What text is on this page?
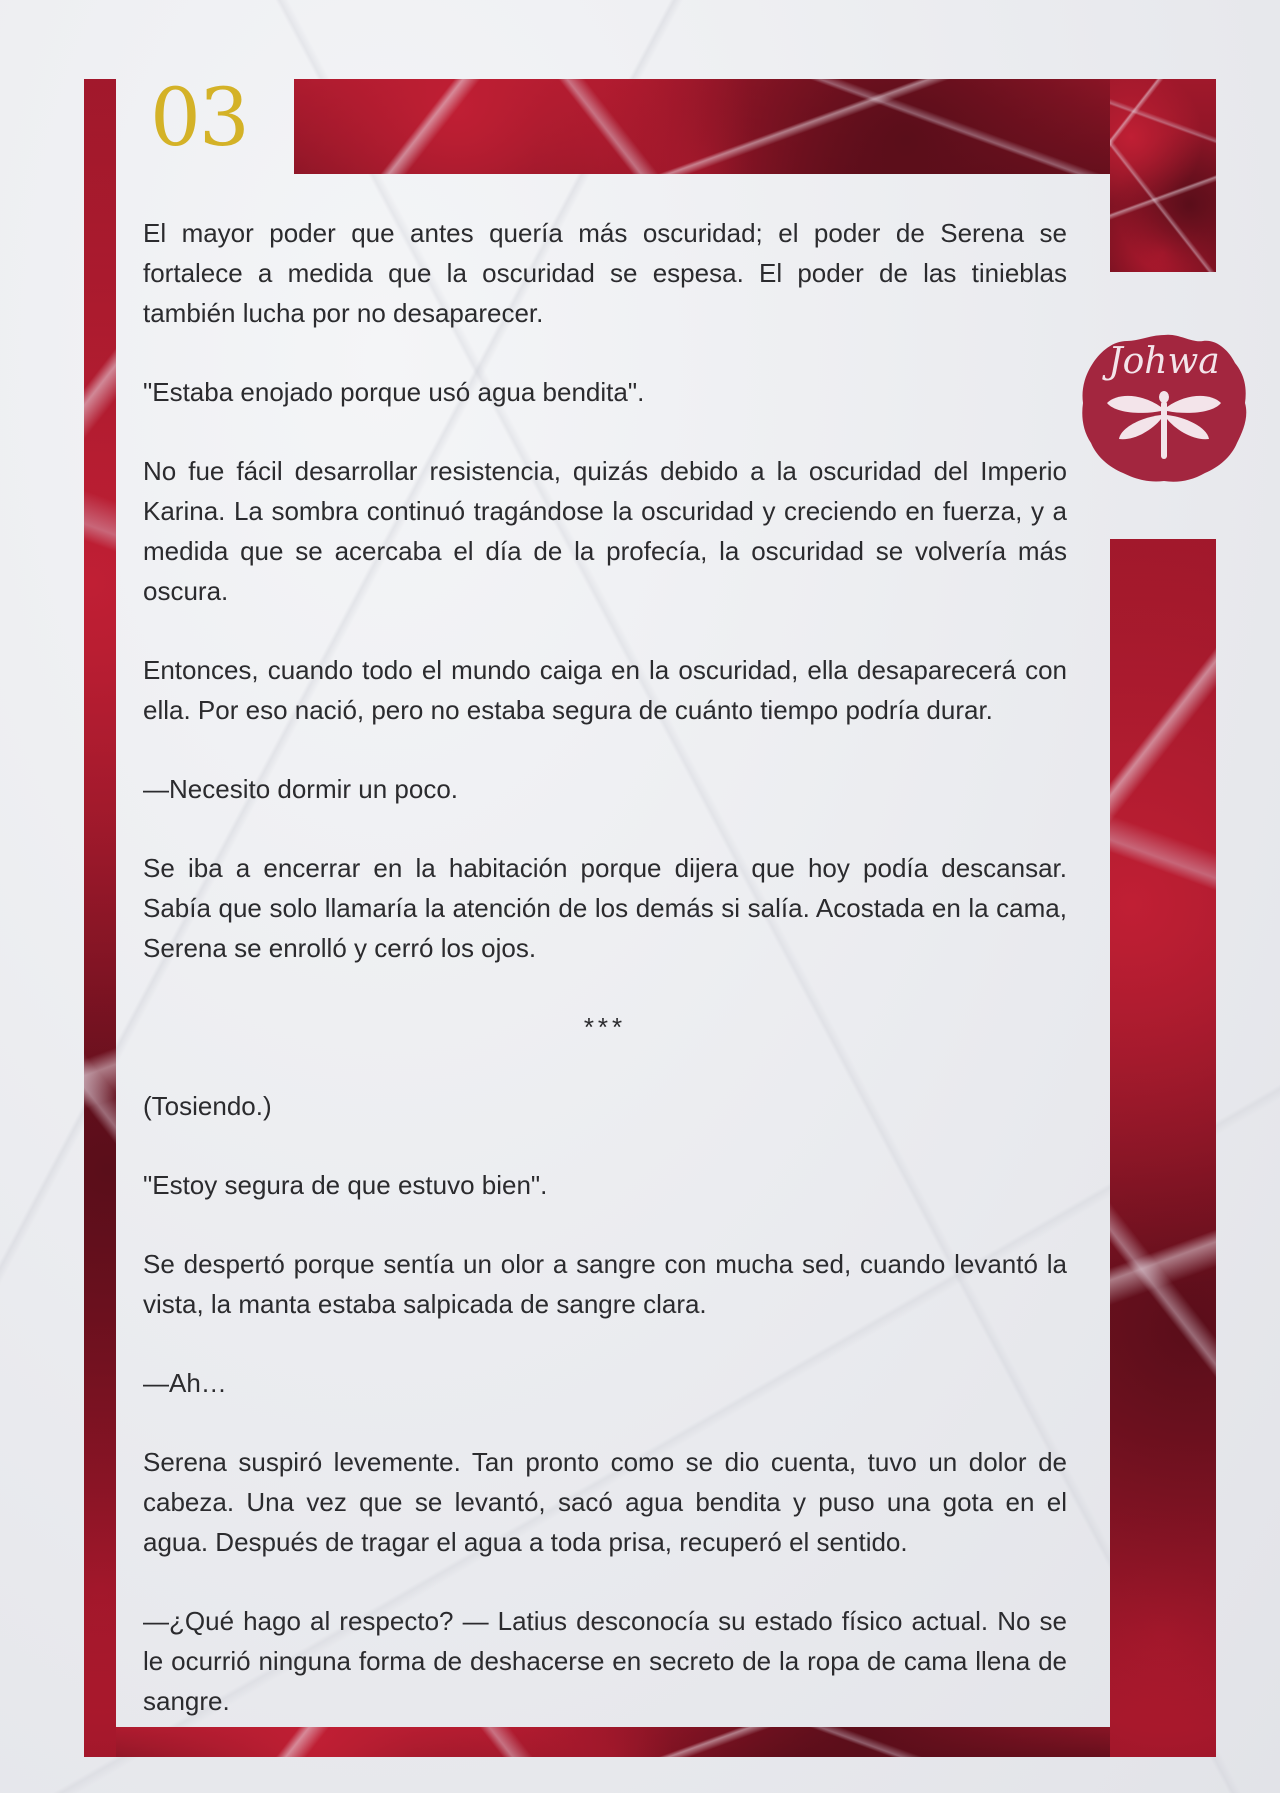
03
Johwa

El mayor poder que antes quería más oscuridad; el poder de Serena se fortalece a medida que la oscuridad se espesa. El poder de las tinieblas también lucha por no desaparecer.

"Estaba enojado porque usó agua bendita".

No fue fácil desarrollar resistencia, quizás debido a la oscuridad del Imperio Karina. La sombra continuó tragándose la oscuridad y creciendo en fuerza, y a medida que se acercaba el día de la profecía, la oscuridad se volvería más oscura.

Entonces, cuando todo el mundo caiga en la oscuridad, ella desaparecerá con ella. Por eso nació, pero no estaba segura de cuánto tiempo podría durar.

—Necesito dormir un poco.

Se iba a encerrar en la habitación porque dijera que hoy podía descansar. Sabía que solo llamaría la atención de los demás si salía. Acostada en la cama, Serena se enrolló y cerró los ojos.

***

(Tosiendo.)

"Estoy segura de que estuvo bien".

Se despertó porque sentía un olor a sangre con mucha sed, cuando levantó la vista, la manta estaba salpicada de sangre clara.

—Ah…

Serena suspiró levemente. Tan pronto como se dio cuenta, tuvo un dolor de cabeza. Una vez que se levantó, sacó agua bendita y puso una gota en el agua. Después de tragar el agua a toda prisa, recuperó el sentido.

—¿Qué hago al respecto? — Latius desconocía su estado físico actual. No se le ocurrió ninguna forma de deshacerse en secreto de la ropa de cama llena de sangre.
